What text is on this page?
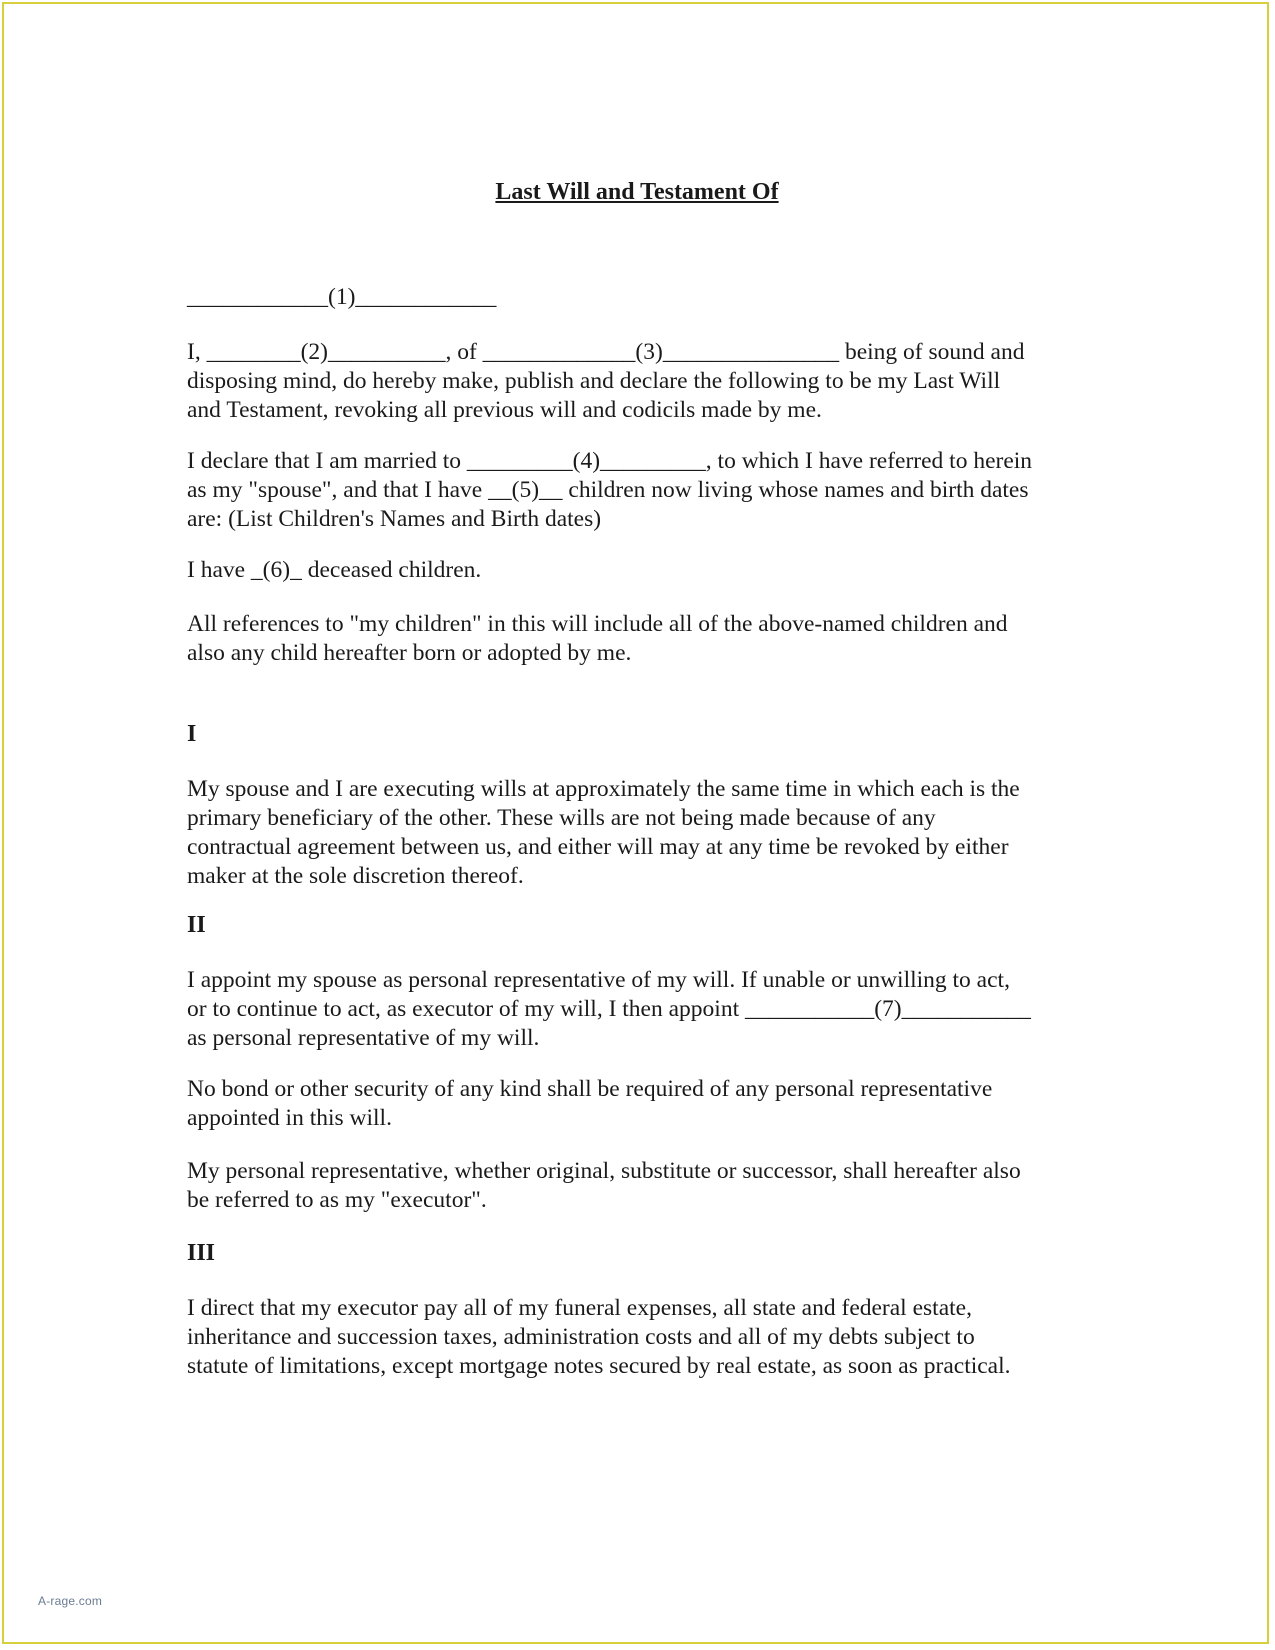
Last Will and Testament Of
____________(1)____________
I, ________(2)__________, of _____________(3)_______________ being of sound and
disposing mind, do hereby make, publish and declare the following to be my Last Will
and Testament, revoking all previous will and codicils made by me.
I declare that I am married to _________(4)_________, to which I have referred to herein
as my "spouse", and that I have __(5)__ children now living whose names and birth dates
are: (List Children's Names and Birth dates)
I have _(6)_ deceased children.
All references to "my children" in this will include all of the above-named children and
also any child hereafter born or adopted by me.
I
My spouse and I are executing wills at approximately the same time in which each is the
primary beneficiary of the other. These wills are not being made because of any
contractual agreement between us, and either will may at any time be revoked by either
maker at the sole discretion thereof.
II
I appoint my spouse as personal representative of my will. If unable or unwilling to act,
or to continue to act, as executor of my will, I then appoint ___________(7)___________
as personal representative of my will.
No bond or other security of any kind shall be required of any personal representative
appointed in this will.
My personal representative, whether original, substitute or successor, shall hereafter also
be referred to as my "executor".
III
I direct that my executor pay all of my funeral expenses, all state and federal estate,
inheritance and succession taxes, administration costs and all of my debts subject to
statute of limitations, except mortgage notes secured by real estate, as soon as practical.
A-rage.com
